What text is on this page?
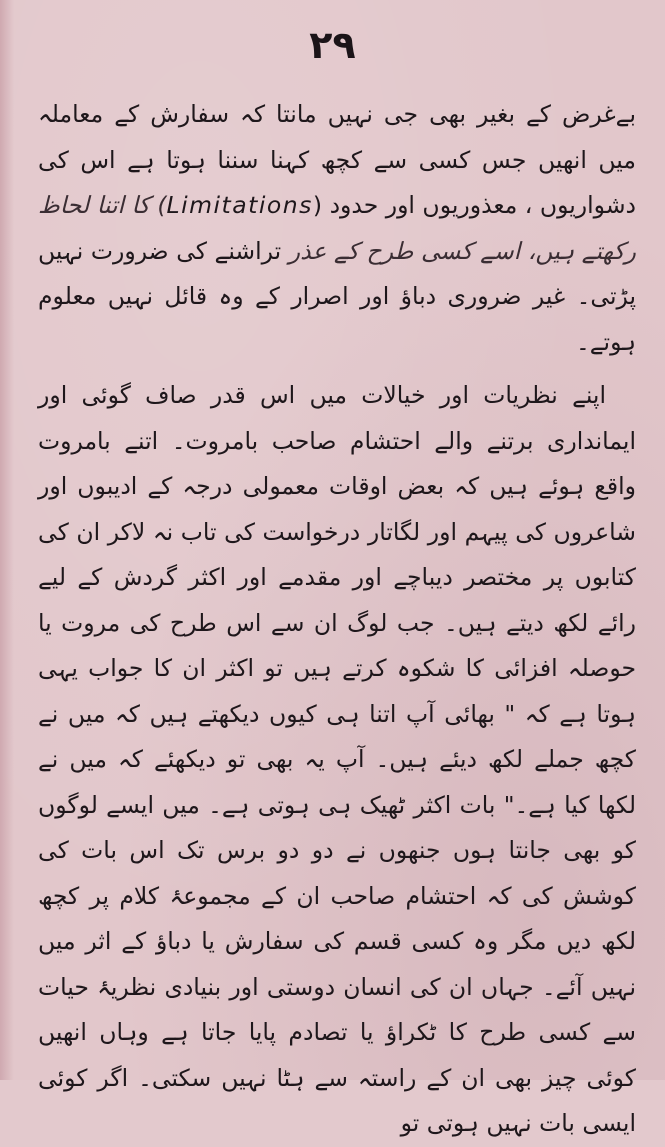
۲۹

بےغرض کے بغیر بھی جی نہیں مانتا کہ سفارش کے معاملہ میں انھیں جس کسی سے کچھ کہنا سننا ہوتا ہے اس کی دشواریوں ، معذوریوں اور حدود (Limitations) کا اتنا لحاظ رکھتے ہیں، اسے کسی طرح کے عذر تراشنے کی ضرورت نہیں پڑتی۔ غیر ضروری دباؤ اور اصرار کے وہ قائل نہیں معلوم ہوتے۔

اپنے نظریات اور خیالات میں اس قدر صاف گوئی اور ایمانداری برتنے والے احتشام صاحب بامروت۔ اتنے بامروت واقع ہوئے ہیں کہ بعض اوقات معمولی درجہ کے ادیبوں اور شاعروں کی پیہم اور لگاتار درخواست کی تاب نہ لاکر ان کی کتابوں پر مختصر دیباچے اور مقدمے اور اکثر گردش کے لیے رائے لکھ دیتے ہیں۔ جب لوگ ان سے اس طرح کی مروت یا حوصلہ افزائی کا شکوہ کرتے ہیں تو اکثر ان کا جواب یہی ہوتا ہے کہ " بھائی آپ اتنا ہی کیوں دیکھتے ہیں کہ میں نے کچھ جملے لکھ دیئے ہیں۔ آپ یہ بھی تو دیکھئے کہ میں نے لکھا کیا ہے۔" بات اکثر ٹھیک ہی ہوتی ہے۔ میں ایسے لوگوں کو بھی جانتا ہوں جنھوں نے دو دو برس تک اس بات کی کوشش کی کہ احتشام صاحب ان کے مجموعۂ کلام پر کچھ لکھ دیں مگر وہ کسی قسم کی سفارش یا دباؤ کے اثر میں نہیں آئے۔ جہاں ان کی انسان دوستی اور بنیادی نظریۂ حیات سے کسی طرح کا ٹکراؤ یا تصادم پایا جاتا ہے وہاں انھیں کوئی چیز بھی ان کے راستہ سے ہٹا نہیں سکتی۔ اگر کوئی ایسی بات نہیں ہوتی تو
